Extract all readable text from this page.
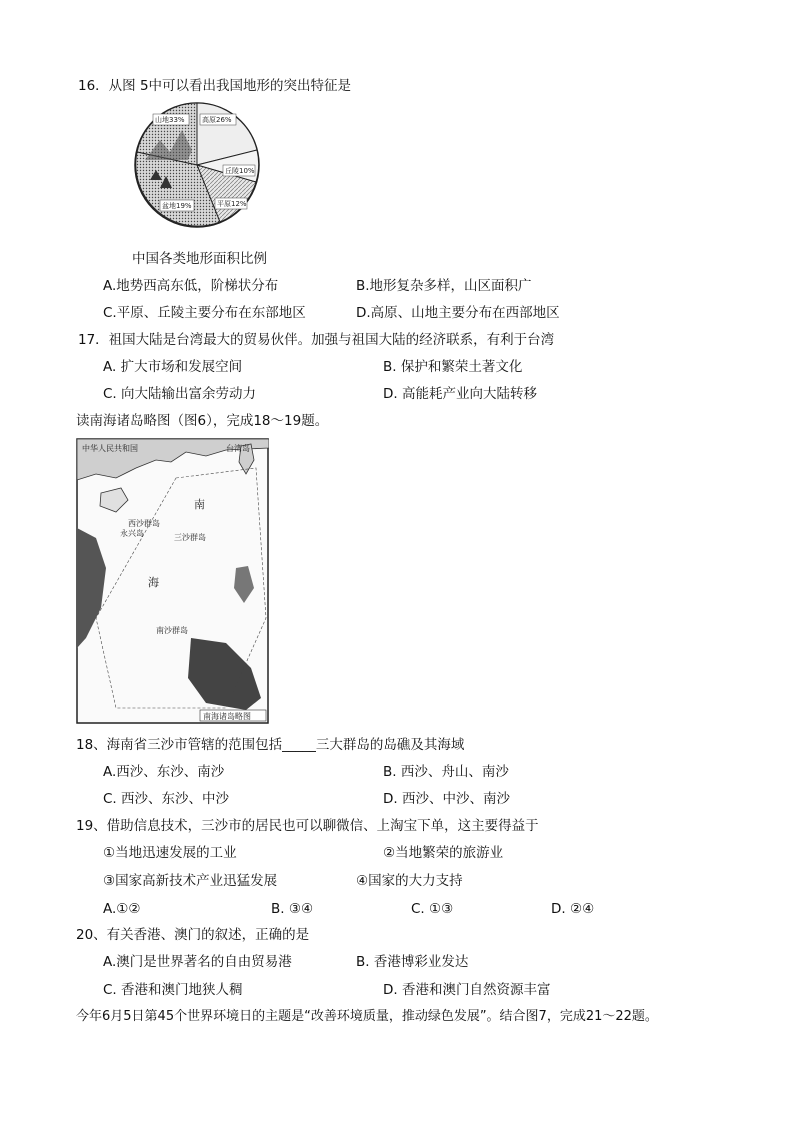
16．从图 5中可以看出我国地形的突出特征是
山地33% 高原26%
丘陵10%
平原12%
盆地19%
中国各类地形面积比例
A.地势西高东低，阶梯状分布	B.地形复杂多样，山区面积广
C.平原、丘陵主要分布在东部地区	D.高原、山地主要分布在西部地区
17．祖国大陆是台湾最大的贸易伙伴。加强与祖国大陆的经济联系，有利于台湾
A. 扩大市场和发展空间	B. 保护和繁荣土著文化
C. 向大陆输出富余劳动力	D. 高能耗产业向大陆转移
读南海诸岛略图（图6），完成18～19题。
中华人民共和国	台湾岛
南
海
西沙群岛
永兴岛	三沙群岛
南沙群岛
南海诸岛略图
18、海南省三沙市管辖的范围包括_____三大群岛的岛礁及其海域
A.西沙、东沙、南沙	B. 西沙、舟山、南沙
C. 西沙、东沙、中沙	D. 西沙、中沙、南沙
19、借助信息技术，三沙市的居民也可以聊微信、上淘宝下单，这主要得益于
①当地迅速发展的工业	②当地繁荣的旅游业
③国家高新技术产业迅猛发展	④国家的大力支持
A.①②	B. ③④	C. ①③	D. ②④
20、有关香港、澳门的叙述，正确的是
A.澳门是世界著名的自由贸易港	B. 香港博彩业发达
C. 香港和澳门地狭人稠	D. 香港和澳门自然资源丰富
今年6月5日第45个世界环境日的主题是“改善环境质量，推动绿色发展”。结合图7，完成21～22题。
